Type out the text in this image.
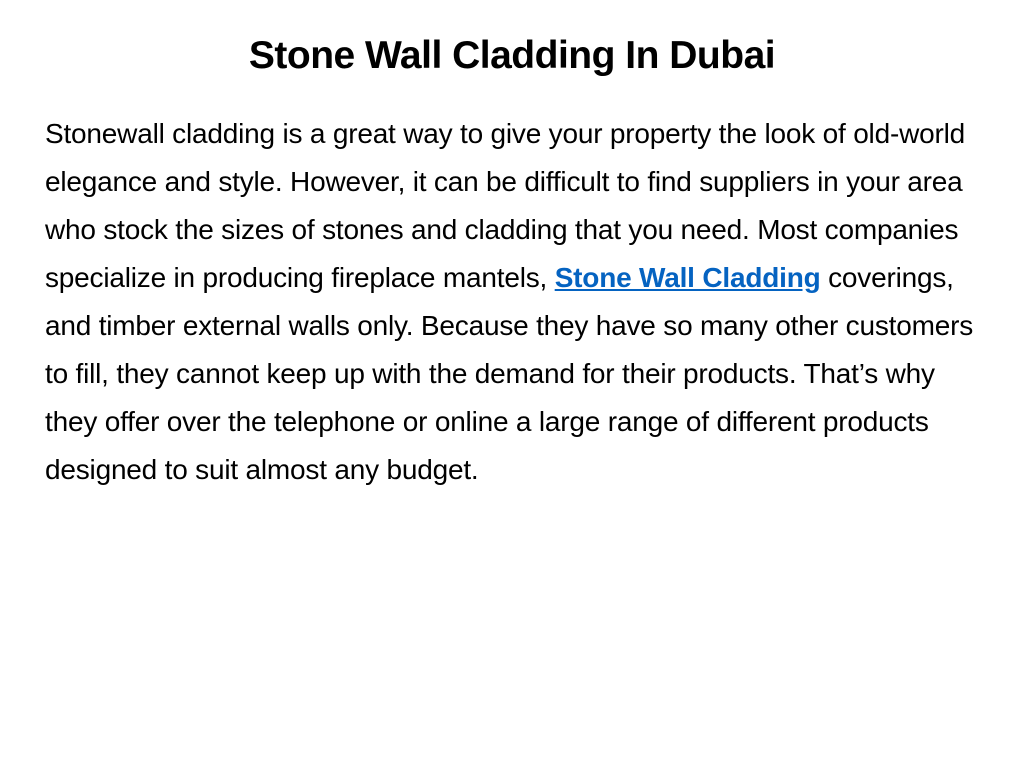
Stone Wall Cladding In Dubai

Stonewall cladding is a great way to give your property the look of old-world elegance and style. However, it can be difficult to find suppliers in your area who stock the sizes of stones and cladding that you need. Most companies specialize in producing fireplace mantels, Stone Wall Cladding coverings, and timber external walls only. Because they have so many other customers to fill, they cannot keep up with the demand for their products. That’s why they offer over the telephone or online a large range of different products designed to suit almost any budget.
